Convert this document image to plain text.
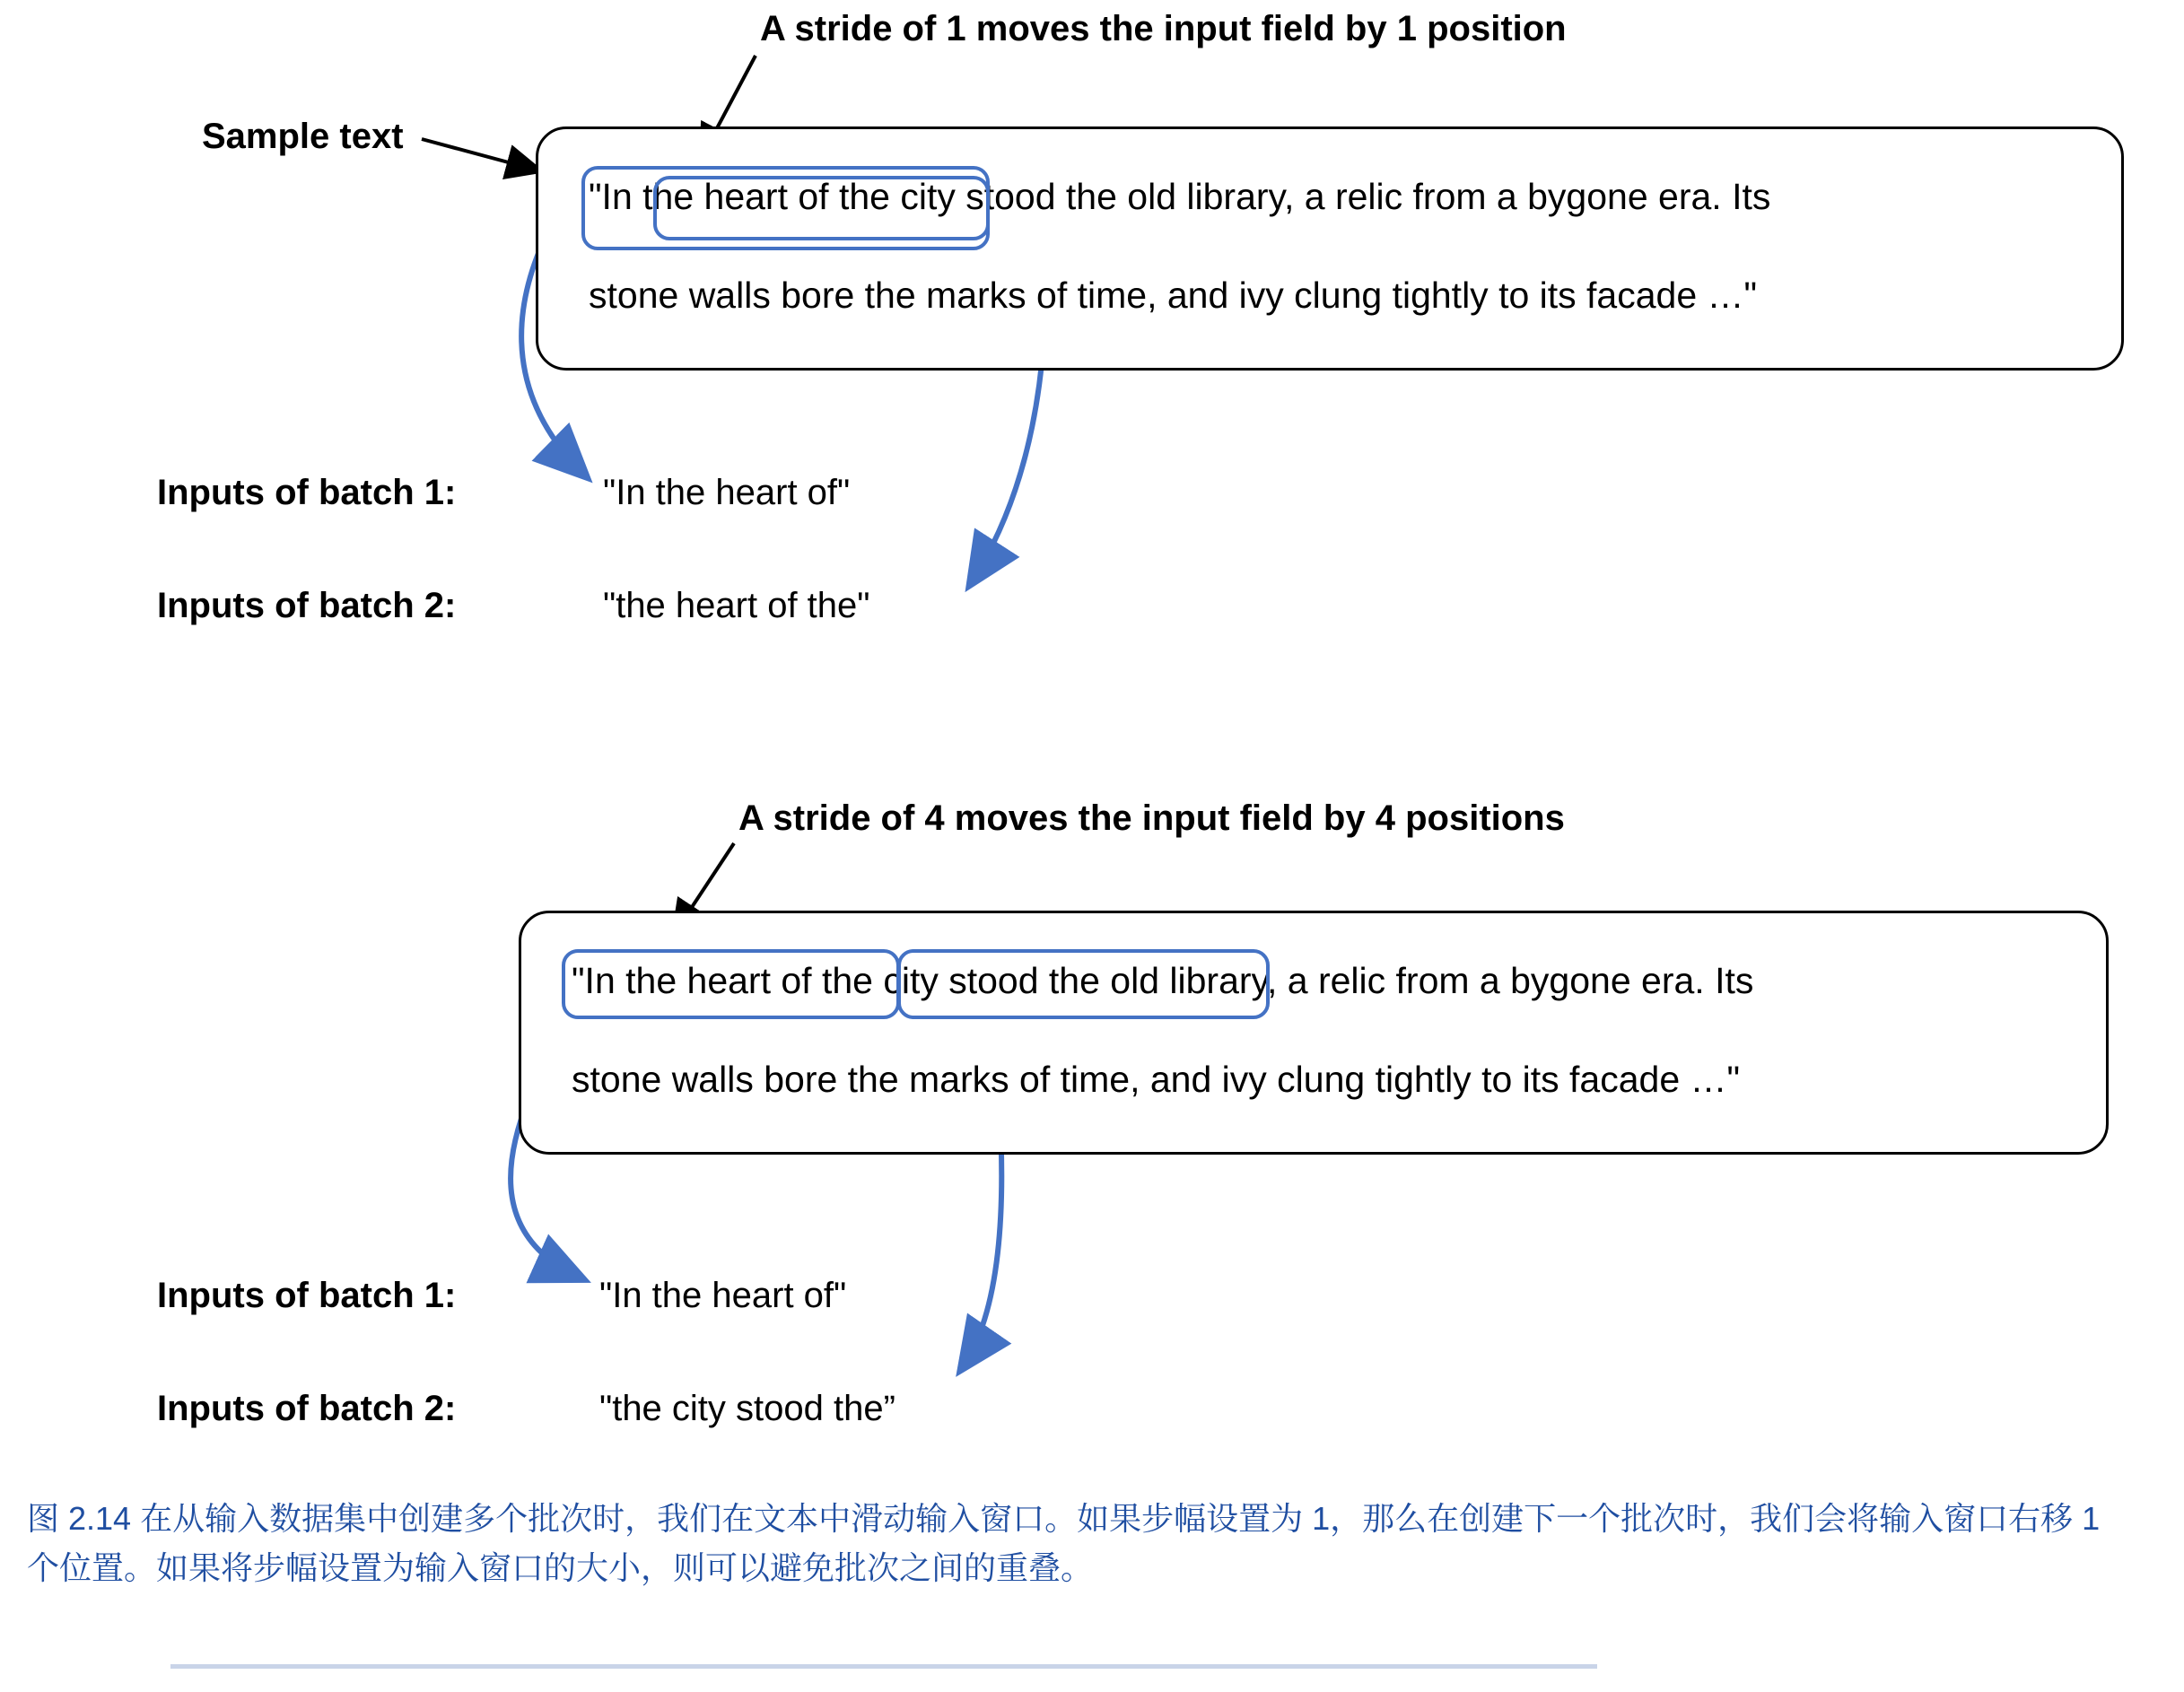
A stride of 1 moves the input field by 1 position
Sample text
"In the heart of the city stood the old library, a relic from a bygone era. Its
stone walls bore the marks of time, and ivy clung tightly to its facade …"
Inputs of batch 1:	"In the heart of"
Inputs of batch 2:	"the heart of the"
A stride of 4 moves the input field by 4 positions
"In the heart of the city stood the old library, a relic from a bygone era. Its
stone walls bore the marks of time, and ivy clung tightly to its facade …"
Inputs of batch 1:	"In the heart of"
Inputs of batch 2:	"the city stood the”
图 2.14 在从输入数据集中创建多个批次时，我们在文本中滑动输入窗口。如果步幅设置为 1，那么在创建下一个批次时，我们会将输入窗口右移 1 个位置。如果将步幅设置为输入窗口的大小，则可以避免批次之间的重叠。
